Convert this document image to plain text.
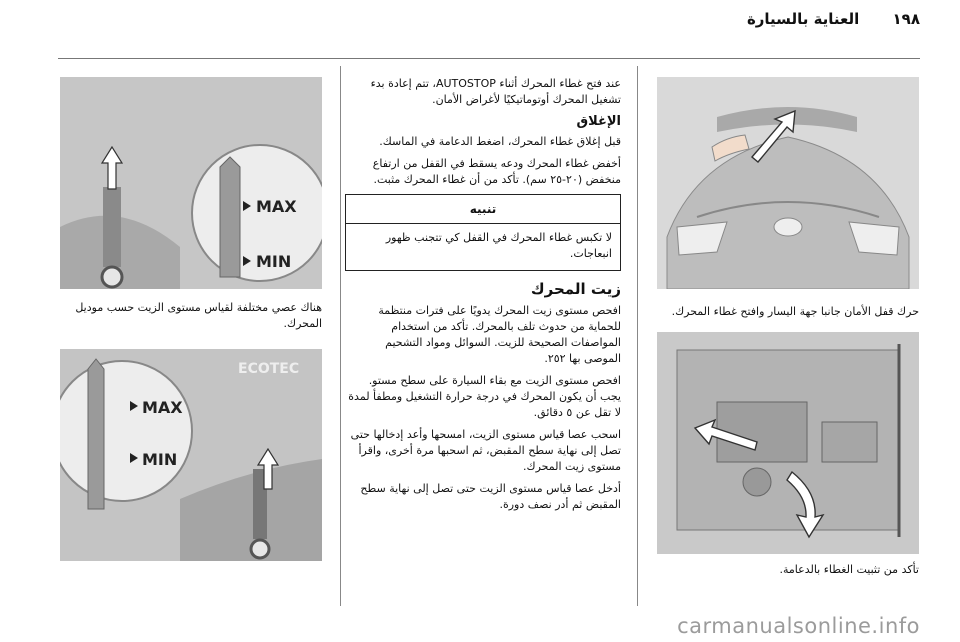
١٩٨ العناية بالسيارة
حرك قفل الأمان جانبا جهة اليسار وافتح غطاء المحرك.
تأكد من تثبيت الغطاء بالدعامة.

عند فتح غطاء المحرك أثناء AUTOSTOP، تتم إعادة بدء تشغيل المحرك أوتوماتيكيًا لأغراض الأمان.

الإغلاق

قبل إغلاق غطاء المحرك، اضغط الدعامة في الماسك.

أخفض غطاء المحرك ودعه يسقط في القفل من ارتفاع منخفض (٢٠-٢٥ سم). تأكد من أن غطاء المحرك مثبت.

تنبيه
لا تكبس غطاء المحرك في القفل كي تتجنب ظهور انبعاجات.
زيت المحرك

افحص مستوى زيت المحرك يدويًا على فترات منتظمة للحماية من حدوث تلف بالمحرك. تأكد من استخدام المواصفات الصحيحة للزيت. السوائل ومواد التشحيم الموصى بها ٢٥٢.

افحص مستوى الزيت مع بقاء السيارة على سطح مستو. يجب أن يكون المحرك في درجة حرارة التشغيل ومطفأ لمدة لا تقل عن ٥ دقائق.

اسحب عصا قياس مستوى الزيت، امسحها وأعد إدخالها حتى تصل إلى نهاية سطح المقبض، ثم اسحبها مرة أخرى، واقرأ مستوى زيت المحرك.

أدخل عصا قياس مستوى الزيت حتى تصل إلى نهاية سطح المقبض ثم أدر نصف دورة.

MAX
MIN
هناك عصي مختلفة لقياس مستوى الزيت حسب موديل المحرك.
ECOTEC
MAX
MIN
carmanualsonline.info
